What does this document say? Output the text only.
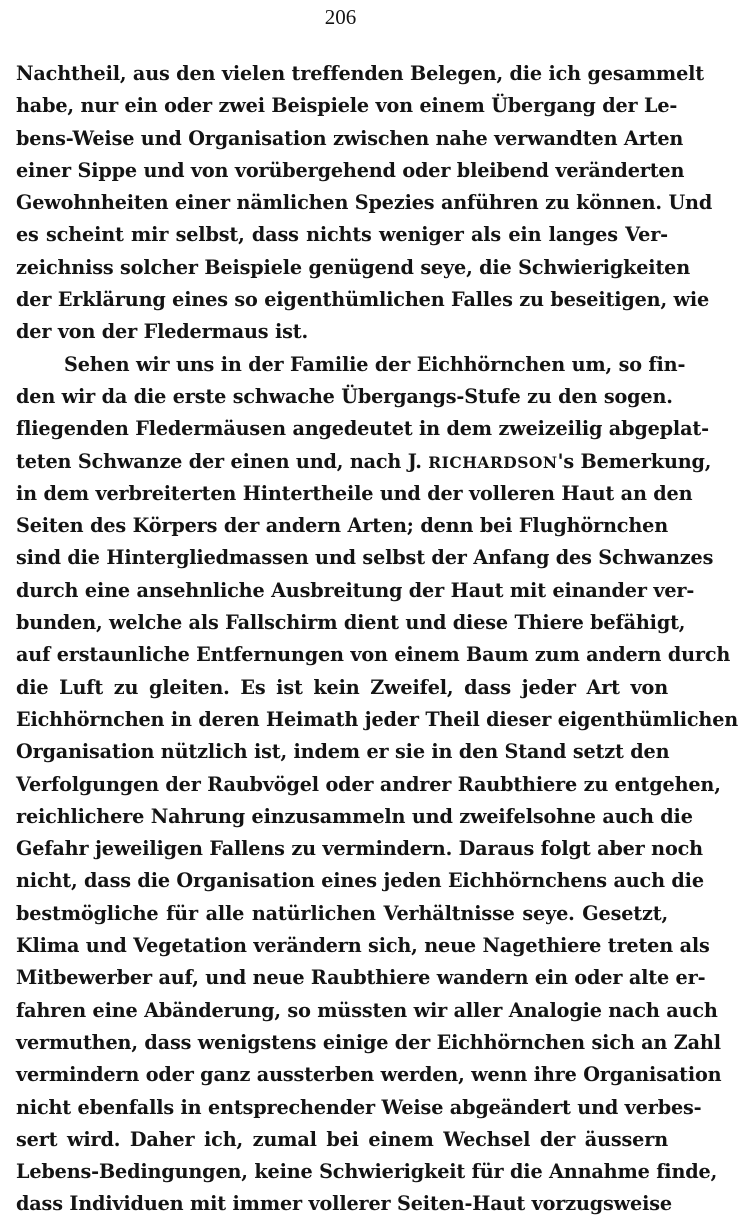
206
Nachtheil, aus den vielen treffenden Belegen, die ich gesammelt
habe, nur ein oder zwei Beispiele von einem Übergang der Le-
bens-Weise und Organisation zwischen nahe verwandten Arten
einer Sippe und von vorübergehend oder bleibend veränderten
Gewohnheiten einer nämlichen Spezies anführen zu können. Und
es scheint mir selbst, dass nichts weniger als ein langes Ver-
zeichniss solcher Beispiele genügend seye, die Schwierigkeiten
der Erklärung eines so eigenthümlichen Falles zu beseitigen, wie
der von der Fledermaus ist.
Sehen wir uns in der Familie der Eichhörnchen um, so fin-
den wir da die erste schwache Übergangs-Stufe zu den sogen.
fliegenden Fledermäusen angedeutet in dem zweizeilig abgeplat-
teten Schwanze der einen und, nach J. RICHARDSON's Bemerkung,
in dem verbreiterten Hintertheile und der volleren Haut an den
Seiten des Körpers der andern Arten; denn bei Flughörnchen
sind die Hintergliedmassen und selbst der Anfang des Schwanzes
durch eine ansehnliche Ausbreitung der Haut mit einander ver-
bunden, welche als Fallschirm dient und diese Thiere befähigt,
auf erstaunliche Entfernungen von einem Baum zum andern durch
die Luft zu gleiten. Es ist kein Zweifel, dass jeder Art von
Eichhörnchen in deren Heimath jeder Theil dieser eigenthümlichen
Organisation nützlich ist, indem er sie in den Stand setzt den
Verfolgungen der Raubvögel oder andrer Raubthiere zu entgehen,
reichlichere Nahrung einzusammeln und zweifelsohne auch die
Gefahr jeweiligen Fallens zu vermindern. Daraus folgt aber noch
nicht, dass die Organisation eines jeden Eichhörnchens auch die
bestmögliche für alle natürlichen Verhältnisse seye. Gesetzt,
Klima und Vegetation verändern sich, neue Nagethiere treten als
Mitbewerber auf, und neue Raubthiere wandern ein oder alte er-
fahren eine Abänderung, so müssten wir aller Analogie nach auch
vermuthen, dass wenigstens einige der Eichhörnchen sich an Zahl
vermindern oder ganz aussterben werden, wenn ihre Organisation
nicht ebenfalls in entsprechender Weise abgeändert und verbes-
sert wird. Daher ich, zumal bei einem Wechsel der äussern
Lebens-Bedingungen, keine Schwierigkeit für die Annahme finde,
dass Individuen mit immer vollerer Seiten-Haut vorzugsweise
